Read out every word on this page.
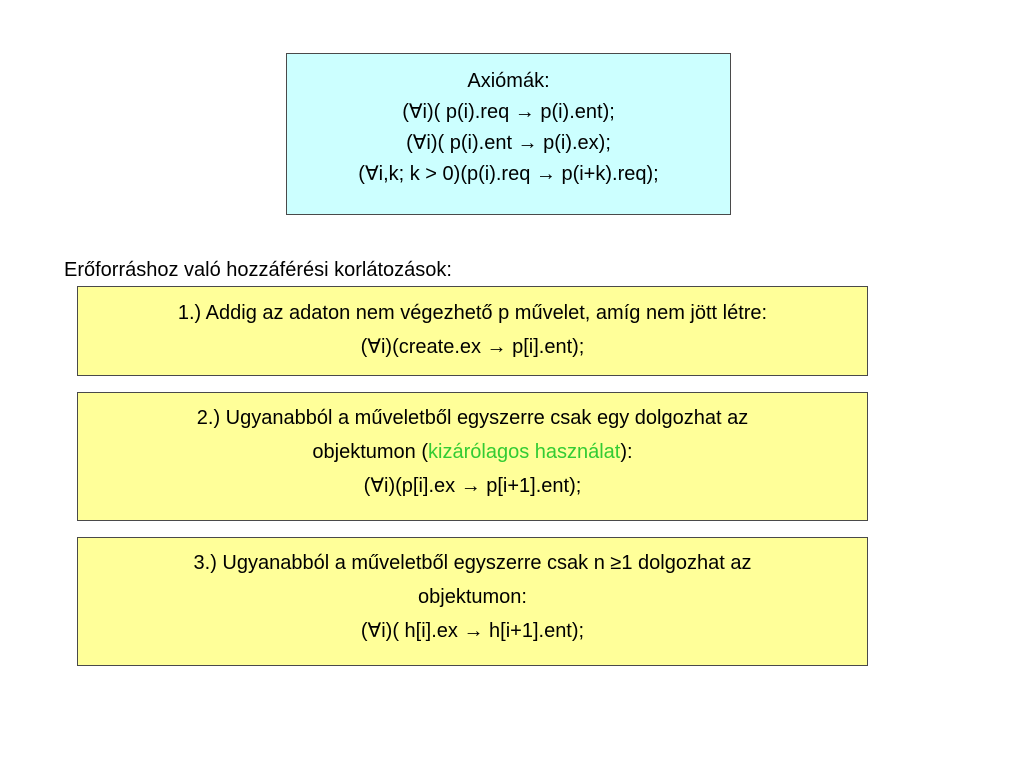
Axiómák:
(∀i)( p(i).req → p(i).ent);
(∀i)( p(i).ent → p(i).ex);
(∀i,k; k > 0)(p(i).req → p(i+k).req);
Erőforráshoz való hozzáférési korlátozások:
1.) Addig az adaton nem végezhető p művelet, amíg nem jött létre:
(∀i)(create.ex → p[i].ent);
2.) Ugyanabból a műveletből egyszerre csak egy dolgozhat az
objektumon (kizárólagos használat):
(∀i)(p[i].ex → p[i+1].ent);
3.) Ugyanabból a műveletből egyszerre csak n ≥1 dolgozhat az
objektumon:
(∀i)( h[i].ex → h[i+1].ent);
